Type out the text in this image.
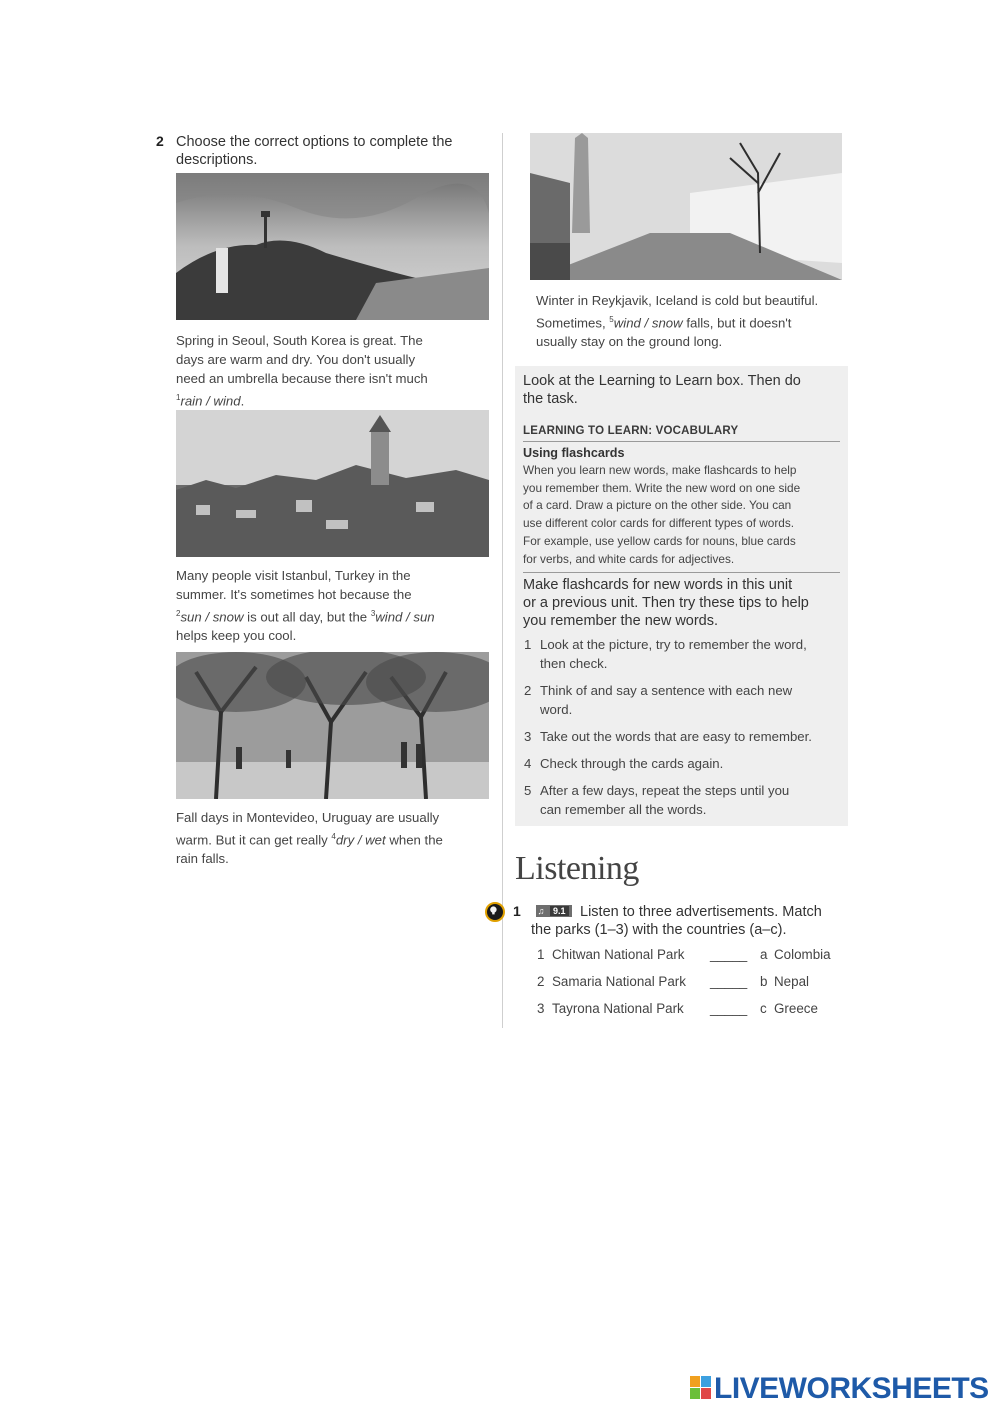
2 Choose the correct options to complete the
descriptions.
Spring in Seoul, South Korea is great. The
days are warm and dry. You don't usually
need an umbrella because there isn't much
$^1$rain / wind.
Many people visit Istanbul, Turkey in the
summer. It's sometimes hot because the
$^2$sun / snow is out all day, but the $^3$wind / sun
helps keep you cool.
Fall days in Montevideo, Uruguay are usually
warm. But it can get really $^4$dry / wet when the
rain falls.
Winter in Reykjavik, Iceland is cold but beautiful.
Sometimes, $^5$wind / snow falls, but it doesn't
usually stay on the ground long.
Look at the Learning to Learn box. Then do
the task.
LEARNING TO LEARN: VOCABULARY
Using flashcards
When you learn new words, make flashcards to help
you remember them. Write the new word on one side
of a card. Draw a picture on the other side. You can
use different color cards for different types of words.
For example, use yellow cards for nouns, blue cards
for verbs, and white cards for adjectives.
Make flashcards for new words in this unit
or a previous unit. Then try these tips to help
you remember the new words.
1 Look at the picture, try to remember the word,
then check.
2 Think of and say a sentence with each new
word.
3 Take out the words that are easy to remember.
4 Check through the cards again.
5 After a few days, repeat the steps until you
can remember all the words.
Listening
1 ♫ 9.1 Listen to three advertisements. Match
the parks (1–3) with the countries (a–c).
1 Chitwan National Park _____ a Colombia
2 Samaria National Park _____ b Nepal
3 Tayrona National Park _____ c Greece
LIVEWORKSHEETS
